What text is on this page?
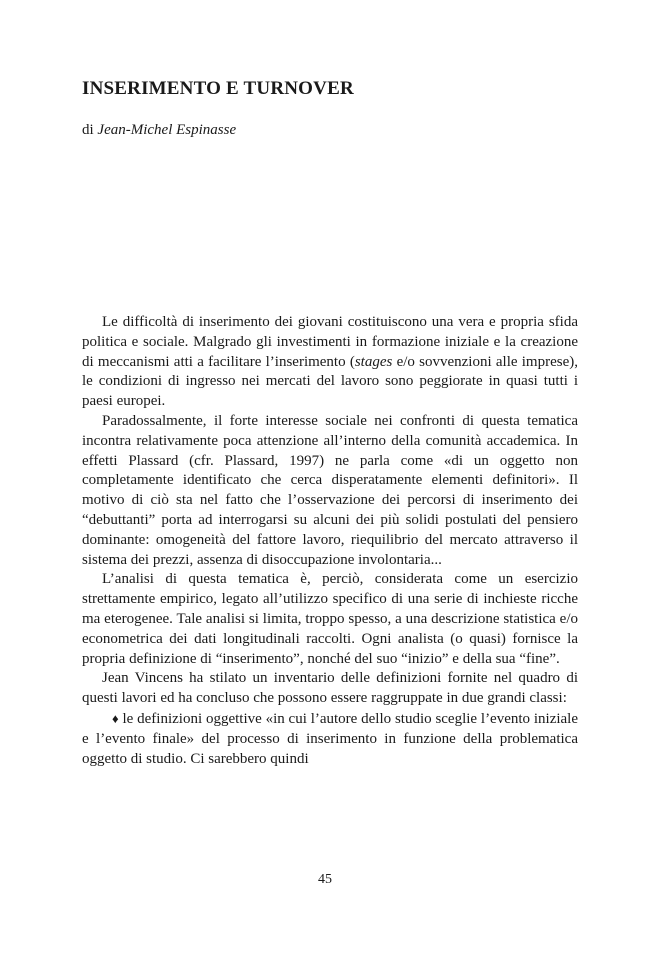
INSERIMENTO E TURNOVER

di Jean-Michel Espinasse

Le difficoltà di inserimento dei giovani costituiscono una vera e propria sfida politica e sociale. Malgrado gli investimenti in formazione iniziale e la creazione di meccanismi atti a facilitare l’inserimento (stages e/o sovvenzioni alle imprese), le condizioni di ingresso nei mercati del lavoro sono peggiorate in quasi tutti i paesi europei.

Paradossalmente, il forte interesse sociale nei confronti di questa tematica incontra relativamente poca attenzione all’interno della comunità accademica. In effetti Plassard (cfr. Plassard, 1997) ne parla come «di un oggetto non completamente identificato che cerca disperatamente elementi definitori». Il motivo di ciò sta nel fatto che l’osservazione dei percorsi di inserimento dei “debuttanti” porta ad interrogarsi su alcuni dei più solidi postulati del pensiero dominante: omogeneità del fattore lavoro, riequilibrio del mercato attraverso il sistema dei prezzi, assenza di disoccupazione involontaria...

L’analisi di questa tematica è, perciò, considerata come un esercizio strettamente empirico, legato all’utilizzo specifico di una serie di inchieste ricche ma eterogenee. Tale analisi si limita, troppo spesso, a una descrizione statistica e/o econometrica dei dati longitudinali raccolti. Ogni analista (o quasi) fornisce la propria definizione di “inserimento”, nonché del suo “inizio” e della sua “fine”.

Jean Vincens ha stilato un inventario delle definizioni fornite nel quadro di questi lavori ed ha concluso che possono essere raggruppate in due grandi classi:

♦ le definizioni oggettive «in cui l’autore dello studio sceglie l’evento iniziale e l’evento finale» del processo di inserimento in funzione della problematica oggetto di studio. Ci sarebbero quindi

45
